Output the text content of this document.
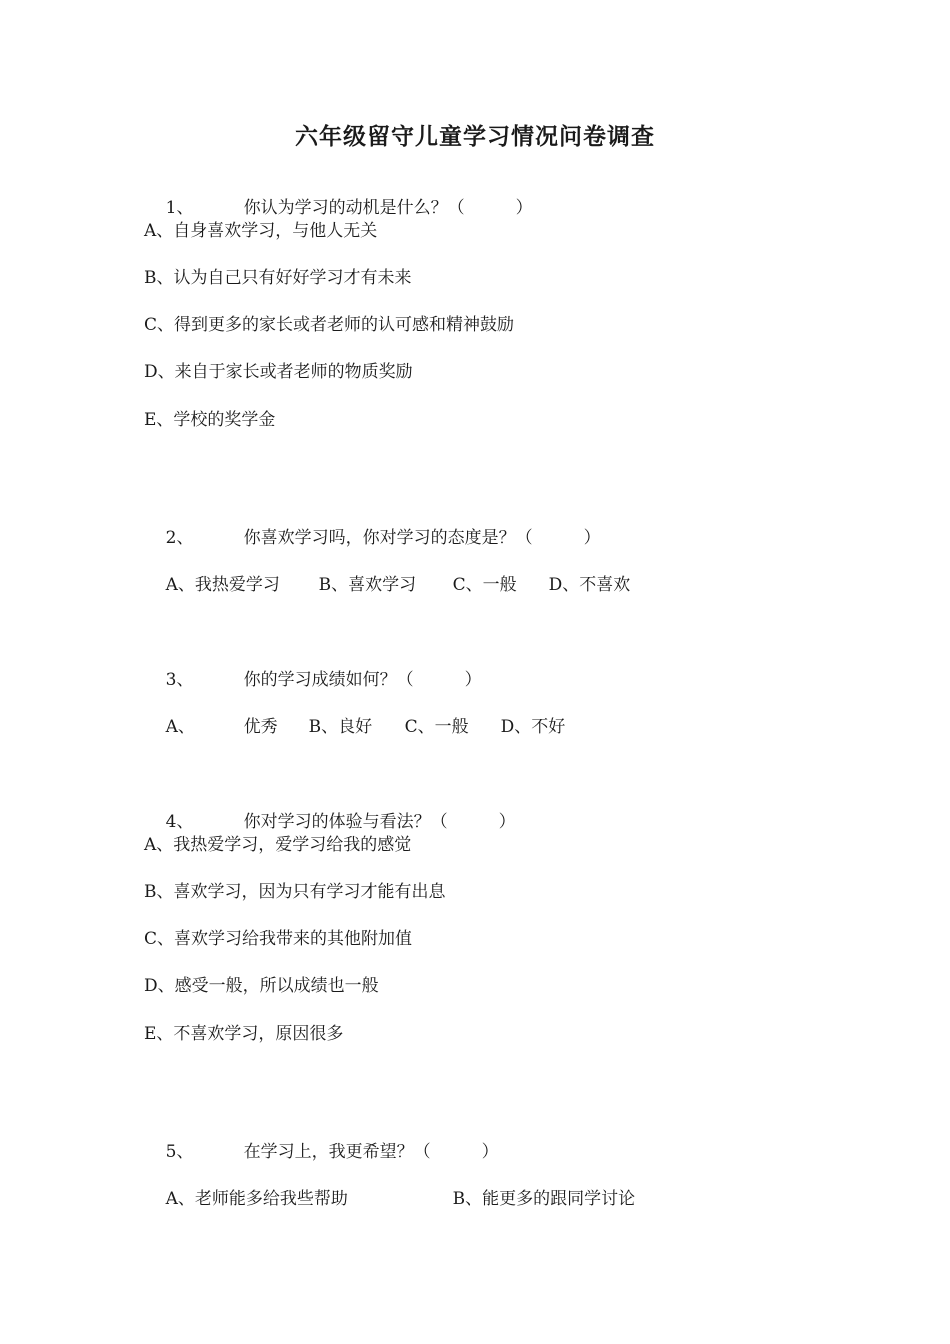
六年级留守儿童学习情况问卷调查

1、	你认为学习的动机是什么？（　　　）

A、自身喜欢学习，与他人无关
B、认为自己只有好好学习才有未来
C、得到更多的家长或者老师的认可感和精神鼓励
D、来自于家长或者老师的物质奖励
E、学校的奖学金

2、	你喜欢学习吗，你对学习的态度是？（　　　）

A、我热爱学习 B、喜欢学习 C、一般 D、不喜欢

3、	你的学习成绩如何？（　　　）

A、	优秀 B、良好 C、一般 D、不好

4、	你对学习的体验与看法？（　　　）

A、我热爱学习，爱学习给我的感觉
B、喜欢学习，因为只有学习才能有出息
C、喜欢学习给我带来的其他附加值
D、感受一般，所以成绩也一般
E、不喜欢学习，原因很多

5、	在学习上，我更希望？（　　　）

A、老师能多给我些帮助	B、能更多的跟同学讨论
